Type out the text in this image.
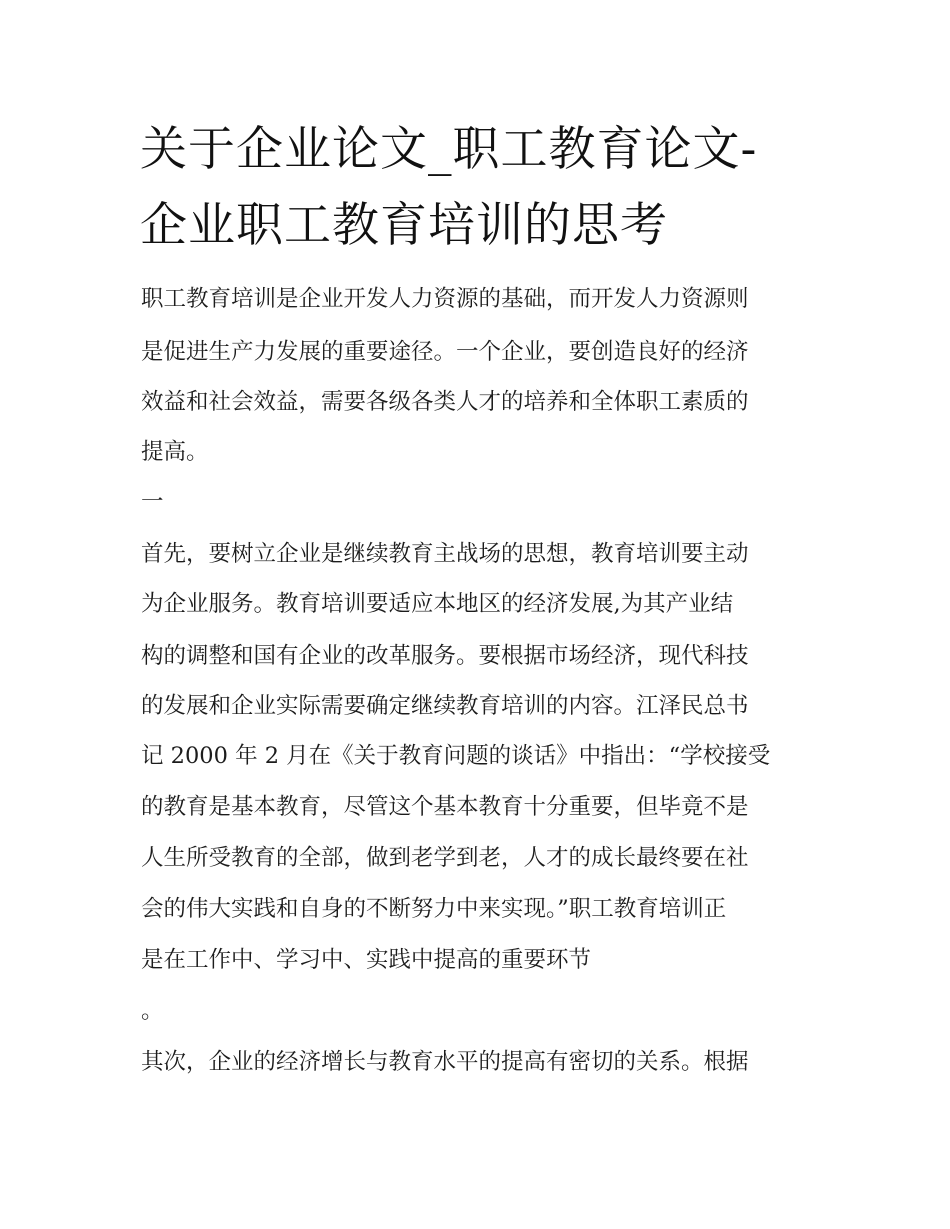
关于企业论文_职工教育论文-
企业职工教育培训的思考

职工教育培训是企业开发人力资源的基础，而开发人力资源则

是促进生产力发展的重要途径。一个企业，要创造良好的经济

效益和社会效益，需要各级各类人才的培养和全体职工素质的

提高。

一

首先，要树立企业是继续教育主战场的思想，教育培训要主动

为企业服务。教育培训要适应本地区的经济发展,为其产业结

构的调整和国有企业的改革服务。要根据市场经济，现代科技

的发展和企业实际需要确定继续教育培训的内容。江泽民总书

记 2000 年 2 月在《关于教育问题的谈话》中指出：“学校接受

的教育是基本教育，尽管这个基本教育十分重要，但毕竟不是

人生所受教育的全部，做到老学到老，人才的成长最终要在社

会的伟大实践和自身的不断努力中来实现。”职工教育培训正

是在工作中、学习中、实践中提高的重要环节

。

其次，企业的经济增长与教育水平的提高有密切的关系。根据
